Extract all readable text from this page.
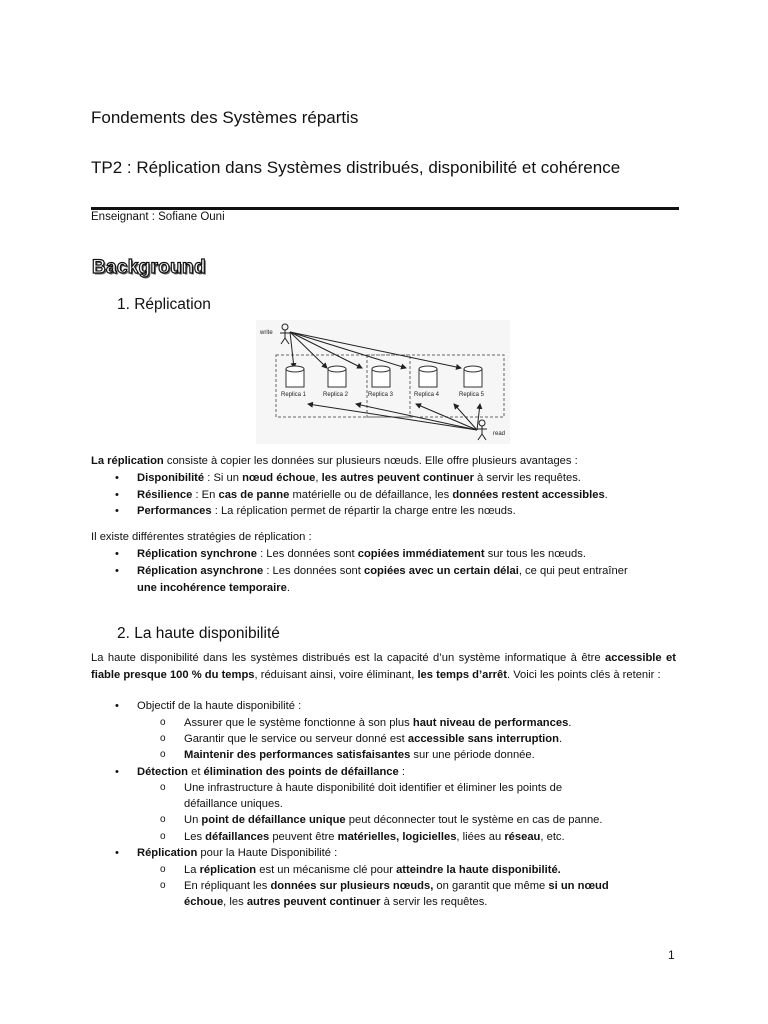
Fondements des Systèmes répartis
TP2 : Réplication dans Systèmes distribués, disponibilité et cohérence
Enseignant : Sofiane Ouni
Background
1. Réplication
write
read
Replica 1	Replica 2	Replica 3	Replica 4	Replica 5
La réplication consiste à copier les données sur plusieurs nœuds. Elle offre plusieurs avantages :
• Disponibilité : Si un nœud échoue, les autres peuvent continuer à servir les requêtes.
• Résilience : En cas de panne matérielle ou de défaillance, les données restent accessibles.
• Performances : La réplication permet de répartir la charge entre les nœuds.
Il existe différentes stratégies de réplication :
• Réplication synchrone : Les données sont copiées immédiatement sur tous les nœuds.
• Réplication asynchrone : Les données sont copiées avec un certain délai, ce qui peut entraîner
une incohérence temporaire.
2. La haute disponibilité
La haute disponibilité dans les systèmes distribués est la capacité d’un système informatique à être accessible et fiable presque 100 % du temps, réduisant ainsi, voire éliminant, les temps d’arrêt. Voici les points clés à retenir :
• Objectif de la haute disponibilité :
o Assurer que le système fonctionne à son plus haut niveau de performances.
o Garantir que le service ou serveur donné est accessible sans interruption.
o Maintenir des performances satisfaisantes sur une période donnée.
• Détection et élimination des points de défaillance :
o Une infrastructure à haute disponibilité doit identifier et éliminer les points de
défaillance uniques.
o Un point de défaillance unique peut déconnecter tout le système en cas de panne.
o Les défaillances peuvent être matérielles, logicielles, liées au réseau, etc.
• Réplication pour la Haute Disponibilité :
o La réplication est un mécanisme clé pour atteindre la haute disponibilité.
o En répliquant les données sur plusieurs nœuds, on garantit que même si un nœud
échoue, les autres peuvent continuer à servir les requêtes.
1
